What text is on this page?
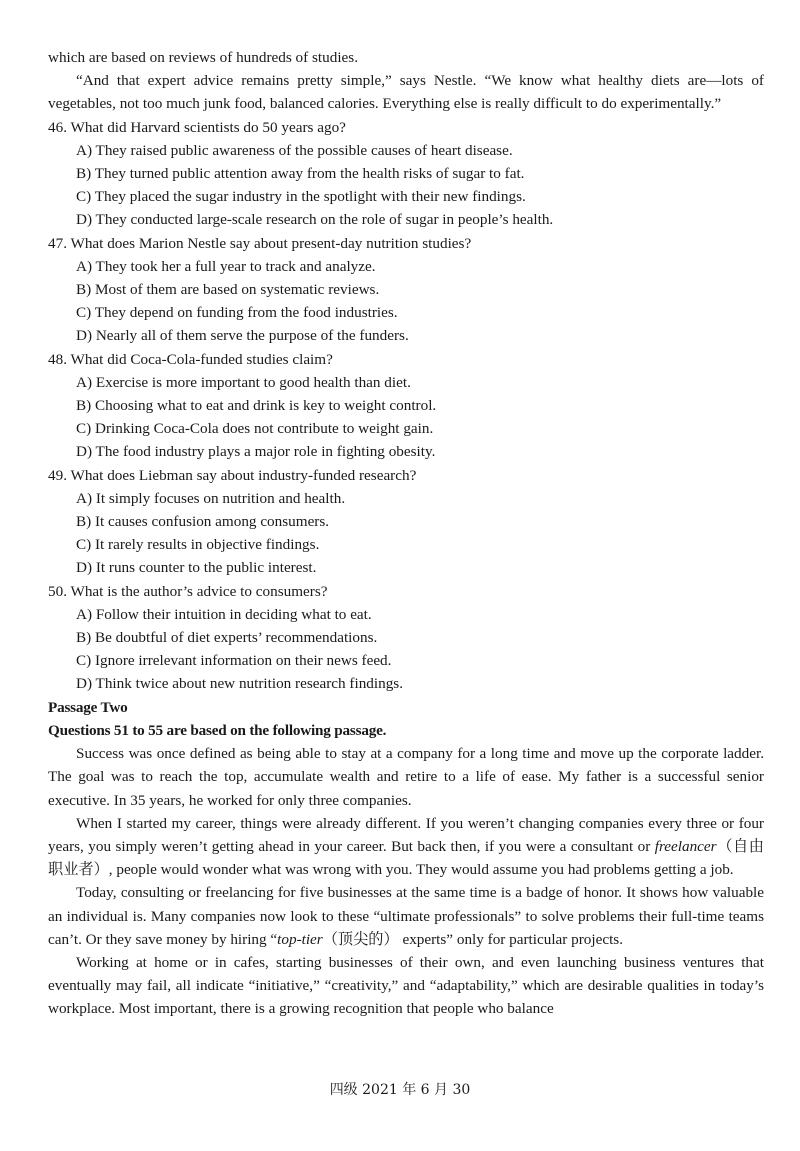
which are based on reviews of hundreds of studies.

“And that expert advice remains pretty simple,” says Nestle. “We know what healthy diets are—lots of vegetables, not too much junk food, balanced calories. Everything else is really difficult to do experimentally.”

46. What did Harvard scientists do 50 years ago?

A) They raised public awareness of the possible causes of heart disease.

B) They turned public attention away from the health risks of sugar to fat.

C) They placed the sugar industry in the spotlight with their new findings.

D) They conducted large-scale research on the role of sugar in people’s health.

47. What does Marion Nestle say about present-day nutrition studies?

A) They took her a full year to track and analyze.

B) Most of them are based on systematic reviews.

C) They depend on funding from the food industries.

D) Nearly all of them serve the purpose of the funders.

48. What did Coca-Cola-funded studies claim?

A) Exercise is more important to good health than diet.

B) Choosing what to eat and drink is key to weight control.

C) Drinking Coca-Cola does not contribute to weight gain.

D) The food industry plays a major role in fighting obesity.

49. What does Liebman say about industry-funded research?

A) It simply focuses on nutrition and health.

B) It causes confusion among consumers.

C) It rarely results in objective findings.

D) It runs counter to the public interest.

50. What is the author’s advice to consumers?

A) Follow their intuition in deciding what to eat.

B) Be doubtful of diet experts’ recommendations.

C) Ignore irrelevant information on their news feed.

D) Think twice about new nutrition research findings.

Passage Two

Questions 51 to 55 are based on the following passage.

Success was once defined as being able to stay at a company for a long time and move up the corporate ladder. The goal was to reach the top, accumulate wealth and retire to a life of ease. My father is a successful senior executive. In 35 years, he worked for only three companies.

When I started my career, things were already different. If you weren’t changing companies every three or four years, you simply weren’t getting ahead in your career. But back then, if you were a consultant or freelancer（自由职业者）, people would wonder what was wrong with you. They would assume you had problems getting a job.

Today, consulting or freelancing for five businesses at the same time is a badge of honor. It shows how valuable an individual is. Many companies now look to these “ultimate professionals” to solve problems their full-time teams can’t. Or they save money by hiring “top-tier（顶尖的） experts” only for particular projects.

Working at home or in cafes, starting businesses of their own, and even launching business ventures that eventually may fail, all indicate “initiative,” “creativity,” and “adaptability,” which are desirable qualities in today’s workplace. Most important, there is a growing recognition that people who balance

四级 2021 年 6 月 30
